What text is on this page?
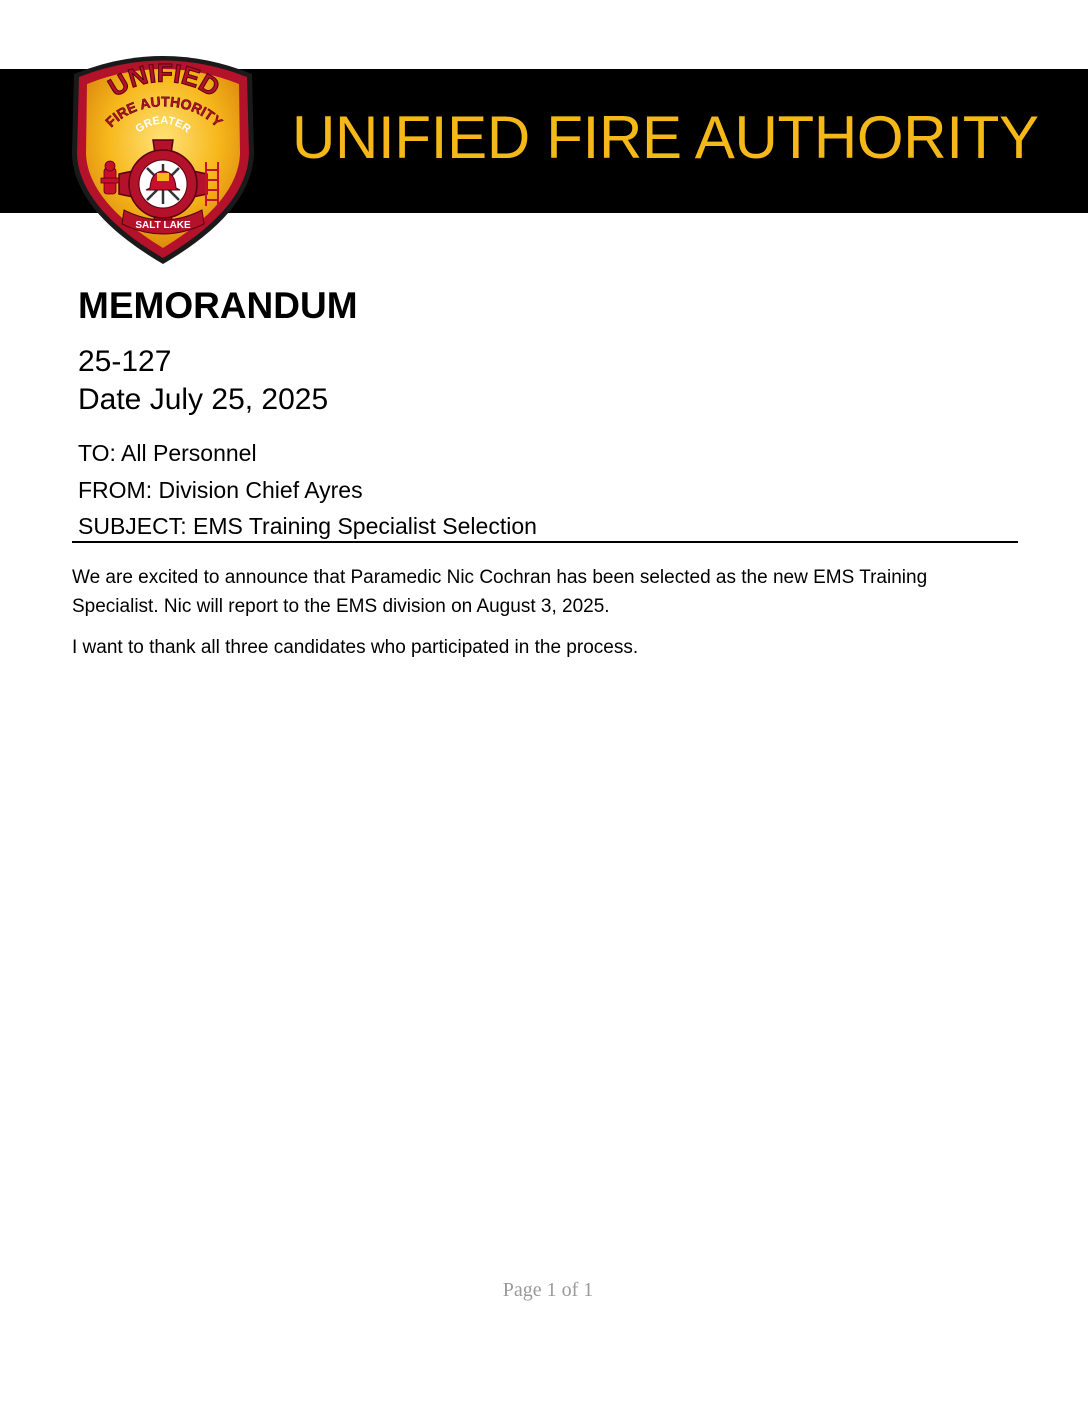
UNIFIED FIRE AUTHORITY
UNIFIED
FIRE AUTHORITY
GREATER
SALT LAKE
MEMORANDUM
25-127
Date July 25, 2025
TO: All Personnel
FROM: Division Chief Ayres
SUBJECT: EMS Training Specialist Selection
We are excited to announce that Paramedic Nic Cochran has been selected as the new EMS Training Specialist. Nic will report to the EMS division on August 3, 2025.
I want to thank all three candidates who participated in the process.
Page 1 of 1
